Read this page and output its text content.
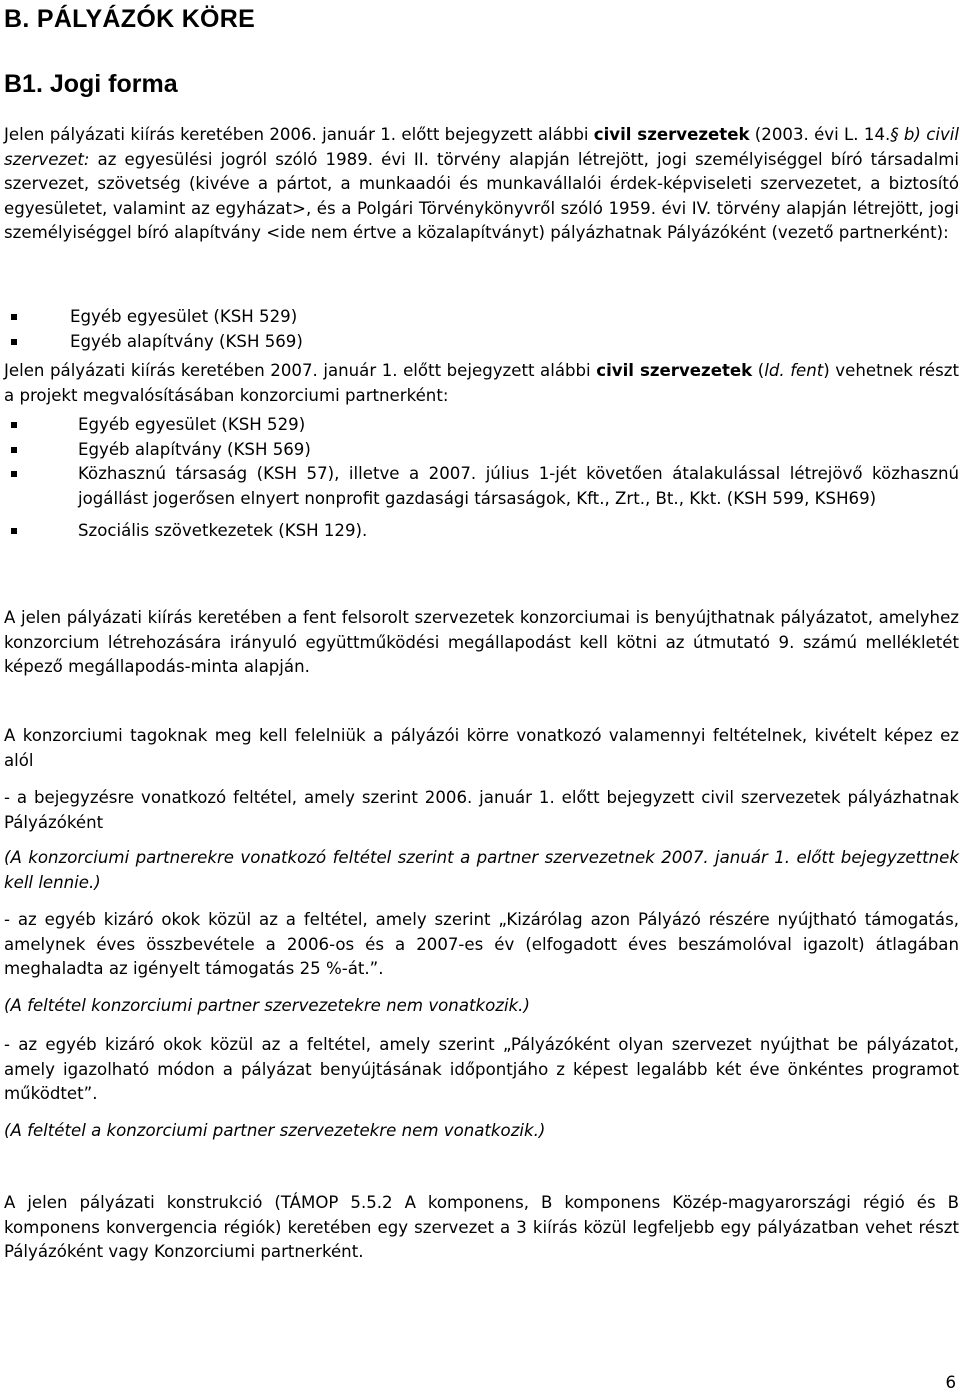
B. PÁLYÁZÓK KÖRE
B1. Jogi forma

Jelen pályázati kiírás keretében 2006. január 1. előtt bejegyzett alábbi civil szervezetek (2003. évi L. 14.§ b) civil szervezet: az egyesülési jogról szóló 1989. évi II. törvény alapján létrejött, jogi személyiséggel bíró társadalmi szervezet, szövetség (kivéve a pártot, a munkaadói és munkavállalói érdek-képviseleti szervezetet, a biztosító egyesületet, valamint az egyházat>, és a Polgári Törvénykönyvről szóló 1959. évi IV. törvény alapján létrejött, jogi személyiséggel bíró alapítvány <ide nem értve a közalapítványt) pályázhatnak Pályázóként (vezető partnerként):

Egyéb egyesület (KSH 529)
Egyéb alapítvány (KSH 569)

Jelen pályázati kiírás keretében 2007. január 1. előtt bejegyzett alábbi civil szervezetek (ld. fent) vehetnek részt a projekt megvalósításában konzorciumi partnerként:

Egyéb egyesület (KSH 529)
Egyéb alapítvány (KSH 569)
Közhasznú társaság (KSH 57), illetve a 2007. július 1-jét követően átalakulással létrejövő közhasznú jogállást jogerősen elnyert nonprofit gazdasági társaságok, Kft., Zrt., Bt., Kkt. (KSH 599, KSH69)
Szociális szövetkezetek (KSH 129).

A jelen pályázati kiírás keretében a fent felsorolt szervezetek konzorciumai is benyújthatnak pályázatot, amelyhez konzorcium létrehozására irányuló együttműködési megállapodást kell kötni az útmutató 9. számú mellékletét képező megállapodás-minta alapján.

A konzorciumi tagoknak meg kell felelniük a pályázói körre vonatkozó valamennyi feltételnek, kivételt képez ez alól

- a bejegyzésre vonatkozó feltétel, amely szerint 2006. január 1. előtt bejegyzett civil szervezetek pályázhatnak Pályázóként

(A konzorciumi partnerekre vonatkozó feltétel szerint a partner szervezetnek 2007. január 1. előtt bejegyzettnek kell lennie.)

- az egyéb kizáró okok közül az a feltétel, amely szerint „Kizárólag azon Pályázó részére nyújtható támogatás, amelynek éves összbevétele a 2006-os és a 2007-es év (elfogadott éves beszámolóval igazolt) átlagában meghaladta az igényelt támogatás 25 %-át.”.

(A feltétel konzorciumi partner szervezetekre nem vonatkozik.)

- az egyéb kizáró okok közül az a feltétel, amely szerint „Pályázóként olyan szervezet nyújthat be pályázatot, amely igazolható módon a pályázat benyújtásának időpontjáho z képest legalább két éve önkéntes programot működtet”.

(A feltétel a konzorciumi partner szervezetekre nem vonatkozik.)

A jelen pályázati konstrukció (TÁMOP 5.5.2 A komponens, B komponens Közép-magyarországi régió és B komponens konvergencia régiók) keretében egy szervezet a 3 kiírás közül legfeljebb egy pályázatban vehet részt Pályázóként vagy Konzorciumi partnerként.

6
